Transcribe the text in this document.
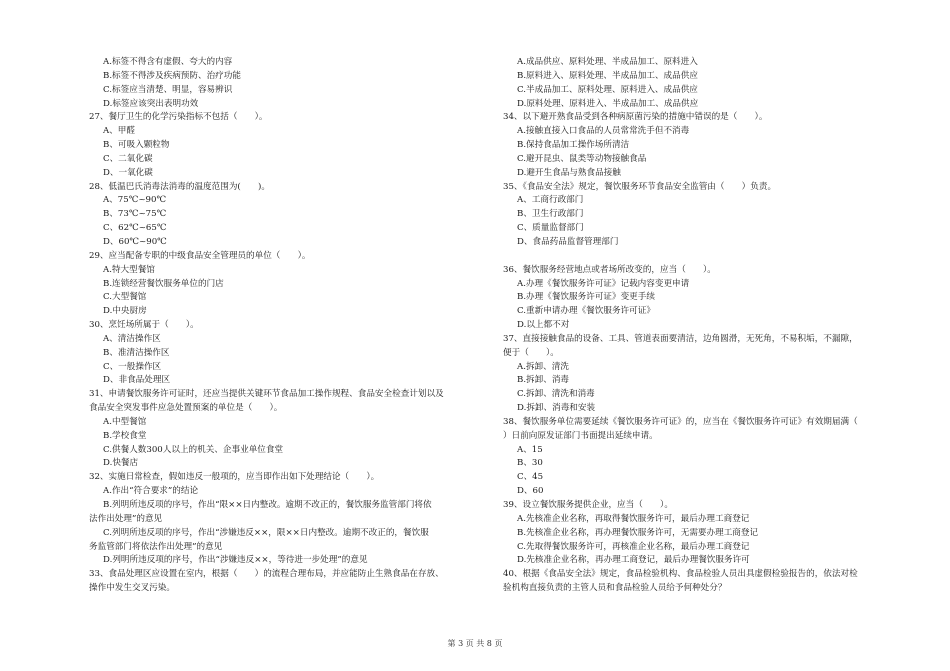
A.标签不得含有虚假、夸大的内容
B.标签不得涉及疾病预防、治疗功能
C.标签应当清楚、明显，容易辨识
D.标签应该突出表明功效
27、餐厅卫生的化学污染指标不包括（　　）。
A、甲醛
B、可吸入颗粒物
C、二氧化碳
D、一氧化碳
28、低温巴氏消毒法消毒的温度范围为(　　)。
A、75℃~90℃
B、73℃~75℃
C、62℃~65℃
D、60℃~90℃
29、应当配备专职的中级食品安全管理员的单位（　　）。
A.特大型餐馆
B.连锁经营餐饮服务单位的门店
C.大型餐馆
D.中央厨房
30、烹饪场所属于（　　）。
A、清洁操作区
B、准清洁操作区
C、一般操作区
D、非食品处理区
31、申请餐饮服务许可证时，还应当提供关键环节食品加工操作规程、食品安全检查计划以及
食品安全突发事件应急处置预案的单位是（　　）。
A.中型餐馆
B.学校食堂
C.供餐人数300人以上的机关、企事业单位食堂
D.快餐店
32、实施日常检查，假如违反一般项的，应当即作出如下处理结论（　　）。
A.作出“符合要求”的结论
B.列明所违反项的序号，作出“限××日内整改。逾期不改正的，餐饮服务监管部门将依
法作出处理”的意见
C.列明所违反项的序号，作出“涉嫌违反××，限××日内整改。逾期不改正的，餐饮服
务监管部门将依法作出处理”的意见
D.列明所违反项的序号，作出“涉嫌违反××，等待进一步处理”的意见
33、食品处理区应设置在室内，根据（　　）的流程合理布局，并应能防止生熟食品在存放、
操作中发生交叉污染。
A.成品供应、原料处理、半成品加工、原料进入
B.原料进入、原料处理、半成品加工、成品供应
C.半成品加工、原料处理、原料进入、成品供应
D.原料处理、原料进入、半成品加工、成品供应
34、以下避开熟食品受到各种病原菌污染的措施中错误的是（　　）。
A.接触直接入口食品的人员常常洗手但不消毒
B.保持食品加工操作场所清洁
C.避开昆虫、鼠类等动物接触食品
D.避开生食品与熟食品接触
35、《食品安全法》规定，餐饮服务环节食品安全监管由（　　）负责。
A、工商行政部门
B、卫生行政部门
C、质量监督部门
D、食品药品监督管理部门
36、餐饮服务经营地点或者场所改变的，应当（　　）。
A.办理《餐饮服务许可证》记载内容变更申请
B.办理《餐饮服务许可证》变更手续
C.重新申请办理《餐饮服务许可证》
D.以上都不对
37、直接接触食品的设备、工具、管道表面要清洁，边角圆滑，无死角，不易积垢，不漏隙，
便于（　　）。
A.拆卸、清洗
B.拆卸、消毒
C.拆卸、清洗和消毒
D.拆卸、消毒和安装
38、餐饮服务单位需要延续《餐饮服务许可证》的，应当在《餐饮服务许可证》有效期届满（
）日前向原发证部门书面提出延续申请。
A、15
B、30
C、45
D、60
39、设立餐饮服务提供企业，应当（　　）。
A.先核准企业名称，再取得餐饮服务许可，最后办理工商登记
B.先核准企业名称，再办理餐饮服务许可，无需要办理工商登记
C.先取得餐饮服务许可，再核准企业名称，最后办理工商登记
D.先核准企业名称，再办理工商登记，最后办理餐饮服务许可
40、根据《食品安全法》规定，食品检验机构、食品检验人员出具虚假检验报告的，依法对检
验机构直接负责的主管人员和食品检验人员给予何种处分？
第 3 页 共 8 页
